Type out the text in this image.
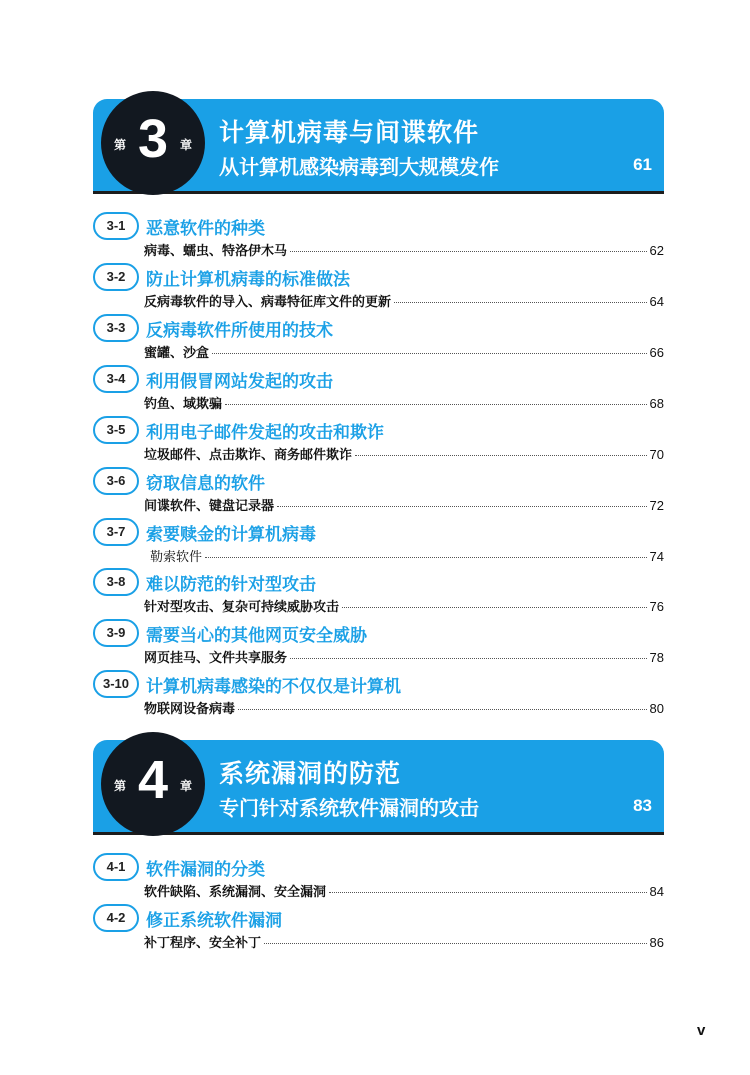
第 3 章 计算机病毒与间谍软件
从计算机感染病毒到大规模发作	61
3-1	恶意软件的种类
病毒、蠕虫、特洛伊木马	62
3-2	防止计算机病毒的标准做法
反病毒软件的导入、病毒特征库文件的更新	64
3-3	反病毒软件所使用的技术
蜜罐、沙盒	66
3-4	利用假冒网站发起的攻击
钓鱼、域欺骗	68
3-5	利用电子邮件发起的攻击和欺诈
垃圾邮件、点击欺诈、商务邮件欺诈	70
3-6	窃取信息的软件
间谍软件、键盘记录器	72
3-7	索要赎金的计算机病毒
勒索软件	74
3-8	难以防范的针对型攻击
针对型攻击、复杂可持续威胁攻击	76
3-9	需要当心的其他网页安全威胁
网页挂马、文件共享服务	78
3-10 计算机病毒感染的不仅仅是计算机
物联网设备病毒	80
第 4 章 系统漏洞的防范
专门针对系统软件漏洞的攻击	83
4-1	软件漏洞的分类
软件缺陷、系统漏洞、安全漏洞	84
4-2	修正系统软件漏洞
补丁程序、安全补丁	86
v
